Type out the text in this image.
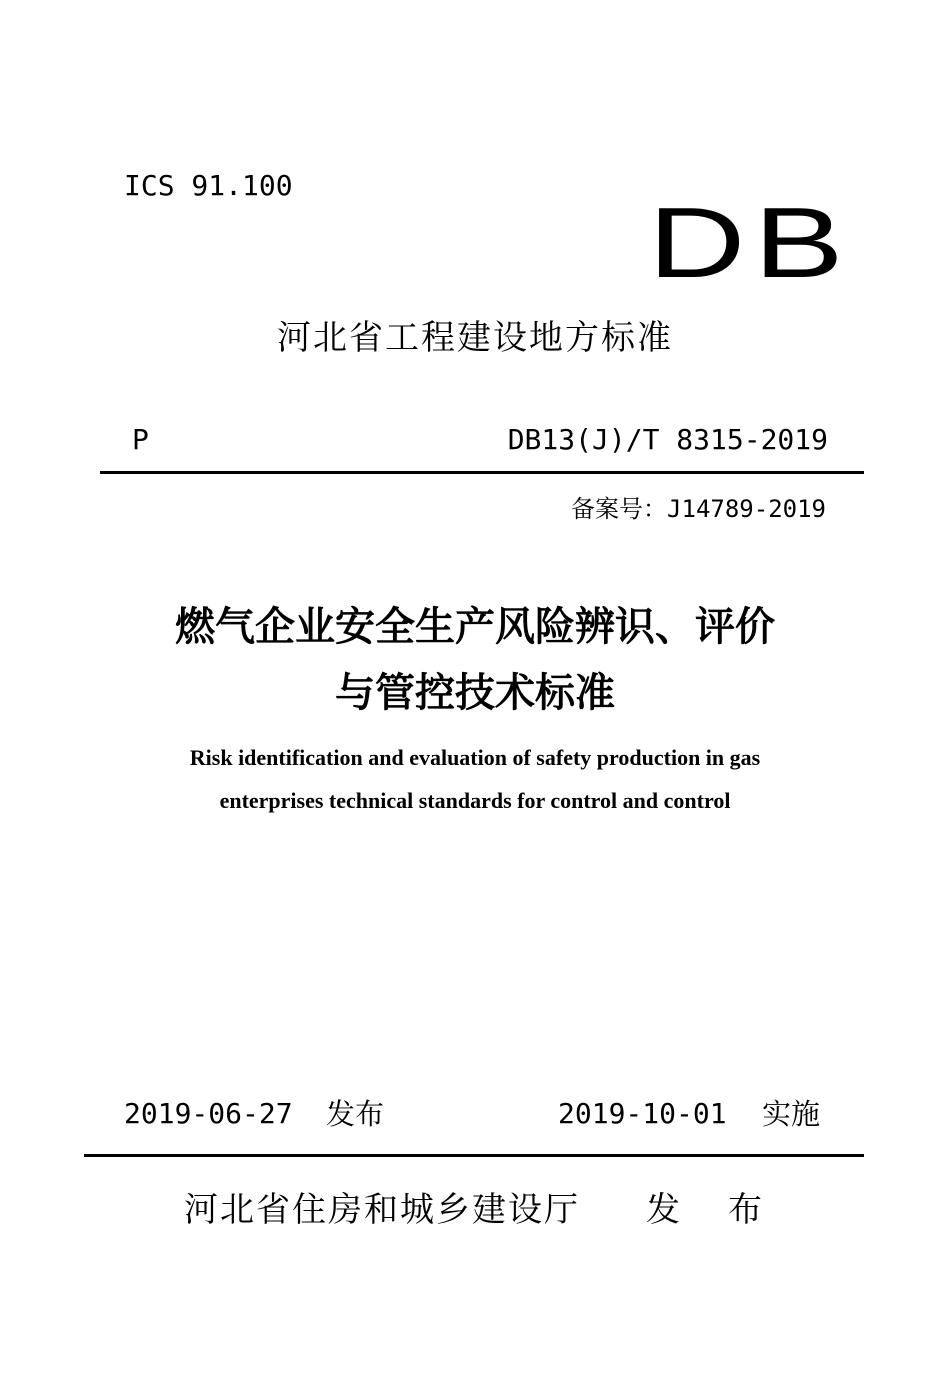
ICS 91.100
DB
河北省工程建设地方标准
P	DB13(J)/T 8315-2019
备案号：J14789-2019
燃气企业安全生产风险辨识、评价
与管控技术标准
Risk identification and evaluation of safety production in gas
enterprises technical standards for control and control
2019-06-27 发布	2019-10-01 实施
河北省住房和城乡建设厅 发 布
